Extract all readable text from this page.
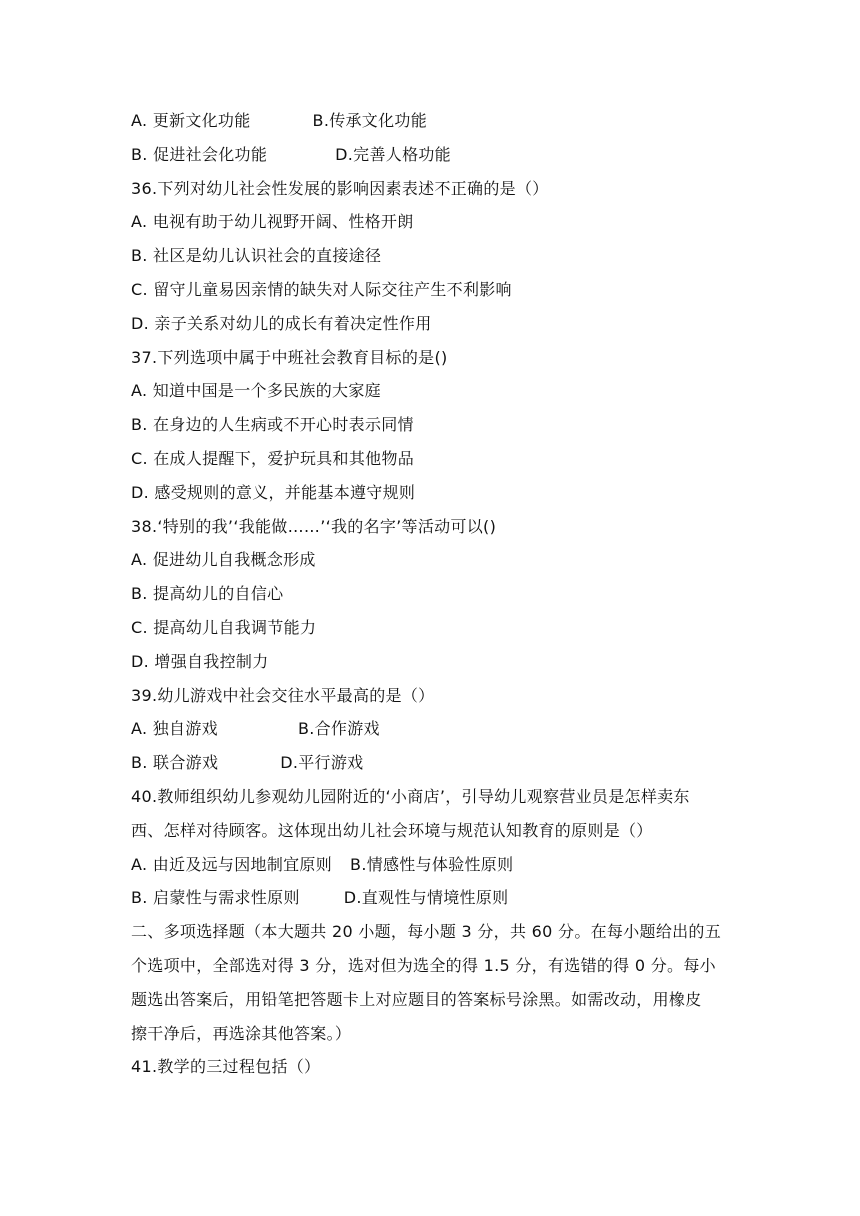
A. 更新文化功能	B.传承文化功能
B. 促进社会化功能	D.完善人格功能
36.下列对幼儿社会性发展的影响因素表述不正确的是（）
A. 电视有助于幼儿视野开阔、性格开朗
B. 社区是幼儿认识社会的直接途径
C. 留守儿童易因亲情的缺失对人际交往产生不利影响
D. 亲子关系对幼儿的成长有着决定性作用
37.下列选项中属于中班社会教育目标的是()
A. 知道中国是一个多民族的大家庭
B. 在身边的人生病或不开心时表示同情
C. 在成人提醒下，爱护玩具和其他物品
D. 感受规则的意义，并能基本遵守规则
38.‘特别的我’‘我能做……’‘我的名字’等活动可以()
A. 促进幼儿自我概念形成
B. 提高幼儿的自信心
C. 提高幼儿自我调节能力
D. 增强自我控制力
39.幼儿游戏中社会交往水平最高的是（）
A. 独自游戏	B.合作游戏
B. 联合游戏	D.平行游戏
40.教师组织幼儿参观幼儿园附近的‘小商店’，引导幼儿观察营业员是怎样卖东
西、怎样对待顾客。这体现出幼儿社会环境与规范认知教育的原则是（）
A. 由近及远与因地制宜原则 B.情感性与体验性原则
B. 启蒙性与需求性原则	D.直观性与情境性原则
二、多项选择题（本大题共 20 小题，每小题 3 分，共 60 分。在每小题给出的五
个选项中，全部选对得 3 分，选对但为选全的得 1.5 分，有选错的得 0 分。每小
题选出答案后，用铅笔把答题卡上对应题目的答案标号涂黑。如需改动，用橡皮
擦干净后，再选涂其他答案。）
41.教学的三过程包括（）
